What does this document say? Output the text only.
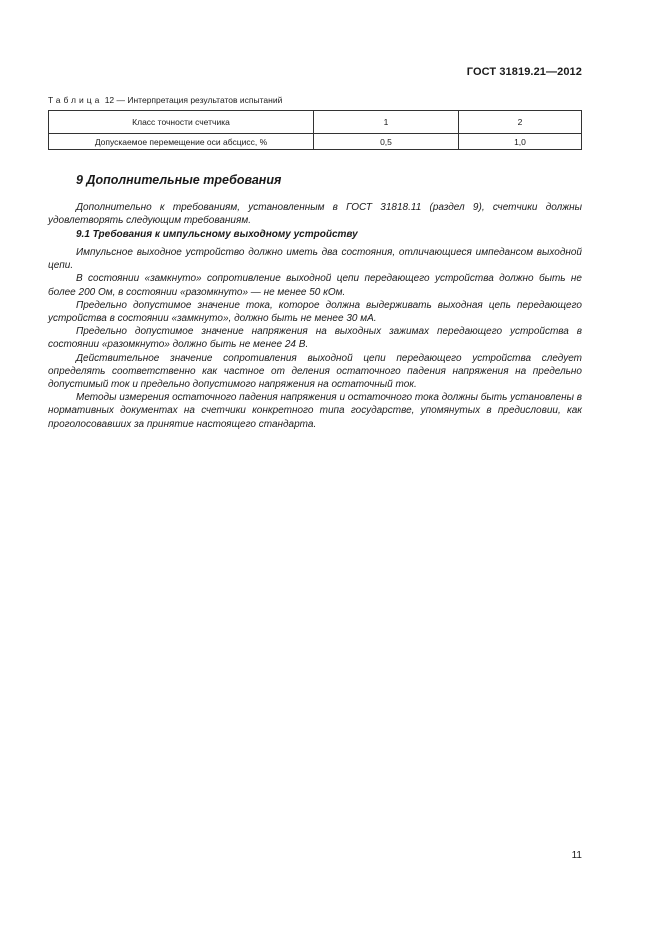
ГОСТ 31819.21—2012
Таблица 12 — Интерпретация результатов испытаний
Класс точности счетчика	1	2
Допускаемое перемещение оси абсцисс, %	0,5	1,0
9 Дополнительные требования

Дополнительно к требованиям, установленным в ГОСТ 31818.11 (раздел 9), счетчики должны удовлетворять следующим требованиям.

9.1 Требования к импульсному выходному устройству

Импульсное выходное устройство должно иметь два состояния, отличающиеся импедансом выходной цепи.

В состоянии «замкнуто» сопротивление выходной цепи передающего устройства должно быть не более 200 Ом, в состоянии «разомкнуто» — не менее 50 кОм.

Предельно допустимое значение тока, которое должна выдерживать выходная цепь передающего устройства в состоянии «замкнуто», должно быть не менее 30 мА.

Предельно допустимое значение напряжения на выходных зажимах передающего устройства в состоянии «разомкнуто» должно быть не менее 24 В.

Действительное значение сопротивления выходной цепи передающего устройства следует определять соответственно как частное от деления остаточного падения напряжения на предельно допустимый ток и предельно допустимого напряжения на остаточный ток.

Методы измерения остаточного падения напряжения и остаточного тока должны быть установлены в нормативных документах на счетчики конкретного типа государстве, упомянутых в предисловии, как проголосовавших за принятие настоящего стандарта.

11
